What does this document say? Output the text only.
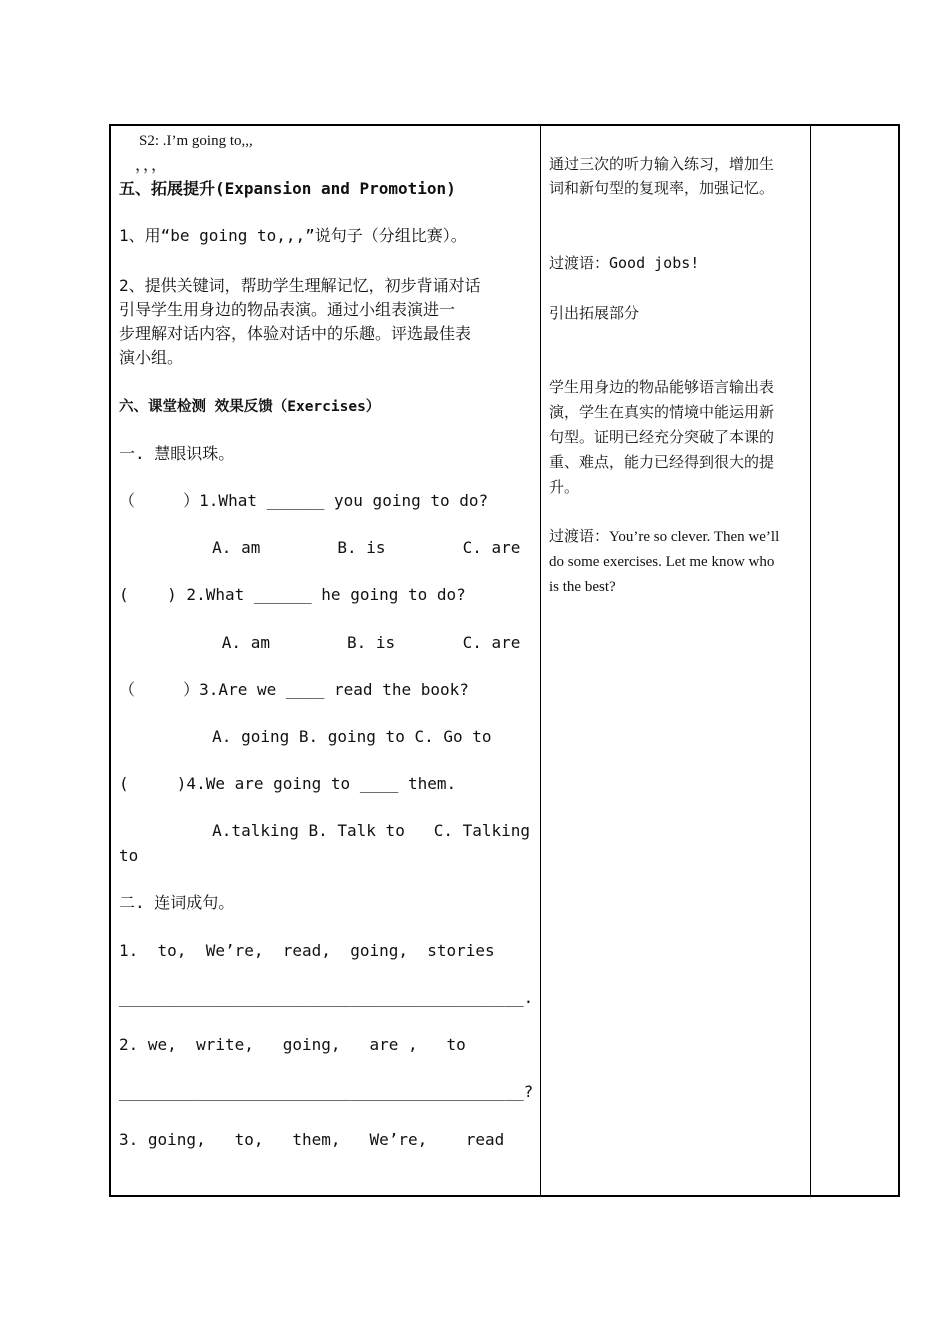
S2: .I’m going to,,,
，，，
五、拓展提升(Expansion and Promotion)
1、用“be going to,,,”说句子（分组比赛）。
2、提供关键词，帮助学生理解记忆，初步背诵对话
引导学生用身边的物品表演。通过小组表演进一
步理解对话内容，体验对话中的乐趣。评选最佳表
演小组。
六、课堂检测 效果反馈（Exercises）
一. 慧眼识珠。
（     ）1.What ______ you going to do?
A. am        B. is        C. are
(    ) 2.What ______ he going to do?
A. am        B. is       C. are
（     ）3.Are we ____ read the book?
A. going B. going to C. Go to
(     )4.We are going to ____ them.
A.talking B. Talk to   C. Talking
to
二. 连词成句。
1.  to,  We’re,  read,  going,  stories
__________________________________________.
2. we,  write,   going,   are ,   to
__________________________________________?
3. going,   to,   them,   We’re,    read
通过三次的听力输入练习，增加生
词和新句型的复现率，加强记忆。
过渡语：Good jobs!
引出拓展部分
学生用身边的物品能够语言输出表
演，学生在真实的情境中能运用新
句型。证明已经充分突破了本课的
重、难点，能力已经得到很大的提
升。
过渡语：You’re so clever. Then we’ll
do some exercises. Let me know who
is the best?
